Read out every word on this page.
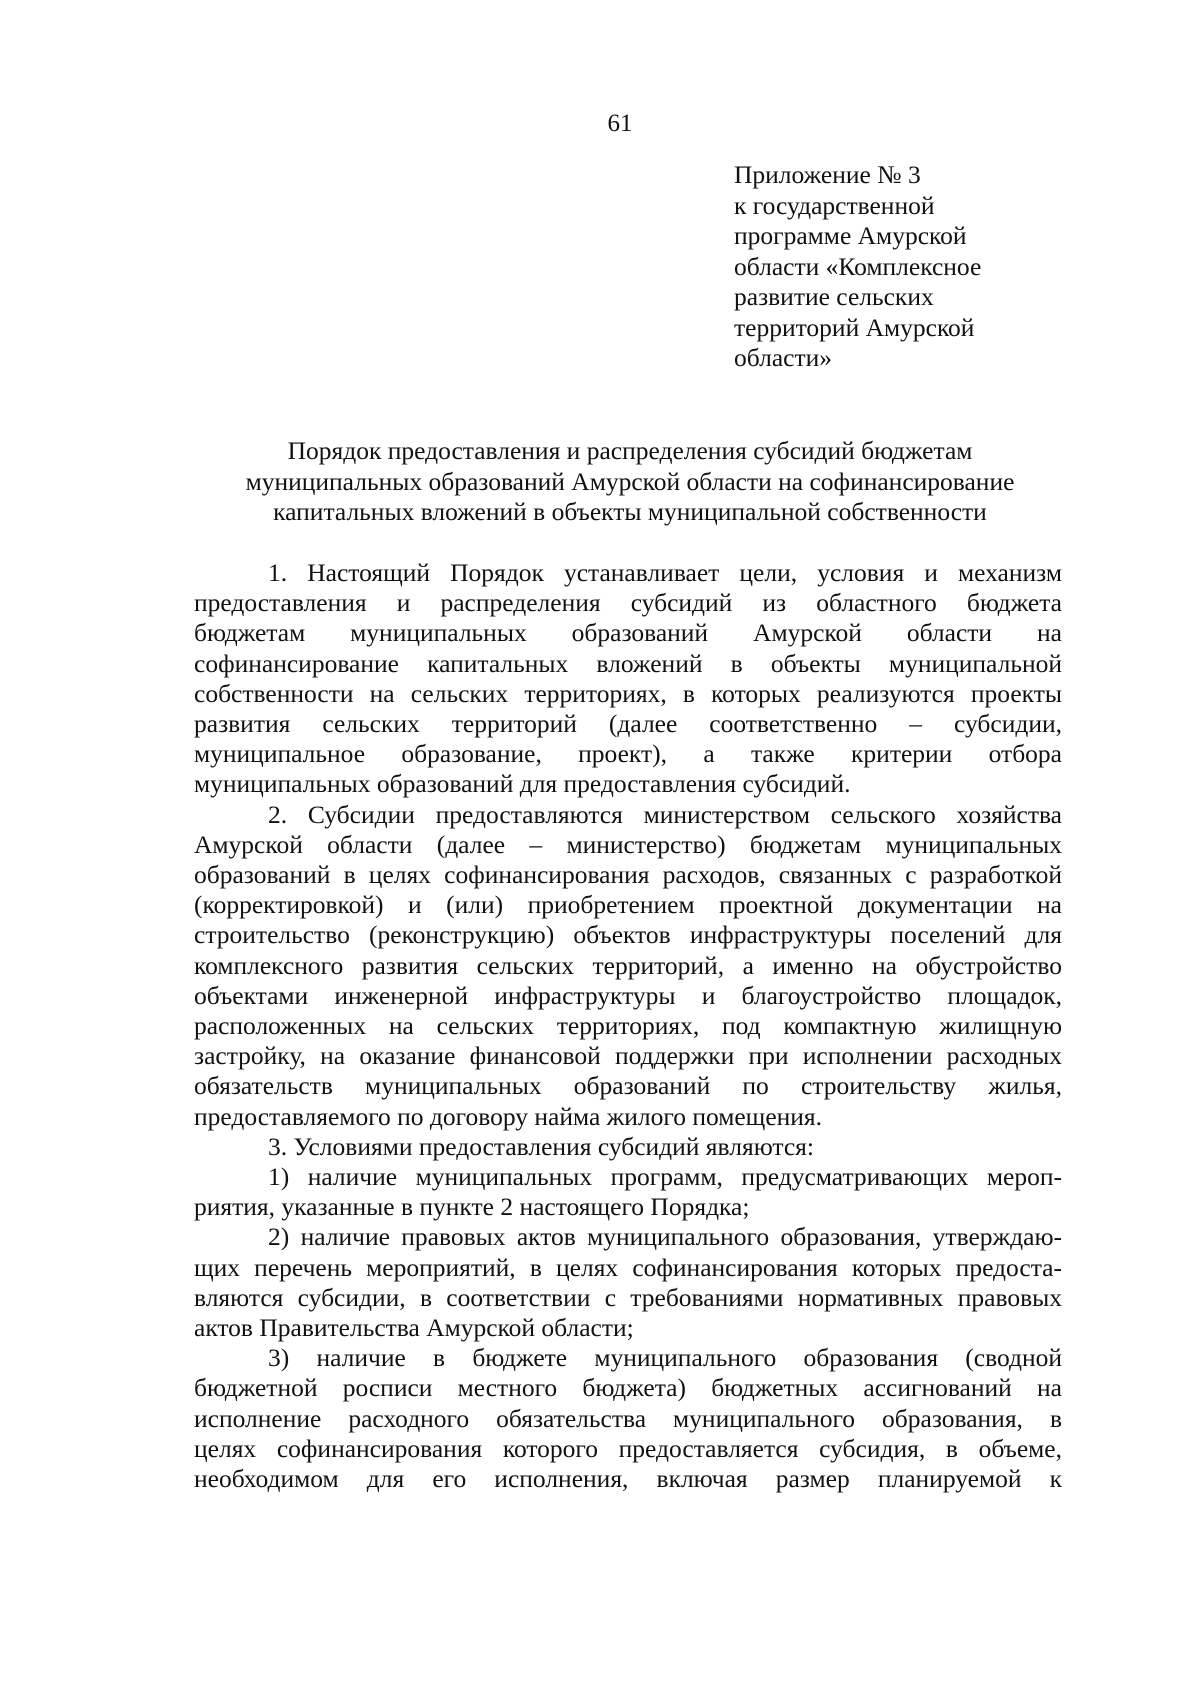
61
Приложение № 3
к государственной
программе Амурской
области «Комплексное
развитие сельских
территорий Амурской
области»
Порядок предоставления и распределения субсидий бюджетам
муниципальных образований Амурской области на софинансирование
капитальных вложений в объекты муниципальной собственности
1. Настоящий Порядок устанавливает цели, условия и механизм
предоставления и распределения субсидий из областного бюджета
бюджетам муниципальных образований Амурской области на
софинансирование капитальных вложений в объекты муниципальной
собственности на сельских территориях, в которых реализуются проекты
развития сельских территорий (далее соответственно – субсидии,
муниципальное образование, проект), а также критерии отбора
муниципальных образований для предоставления субсидий.
2. Субсидии предоставляются министерством сельского хозяйства
Амурской области (далее – министерство) бюджетам муниципальных
образований в целях софинансирования расходов, связанных с разработкой
(корректировкой) и (или) приобретением проектной документации на
строительство (реконструкцию) объектов инфраструктуры поселений для
комплексного развития сельских территорий, а именно на обустройство
объектами инженерной инфраструктуры и благоустройство площадок,
расположенных на сельских территориях, под компактную жилищную
застройку, на оказание финансовой поддержки при исполнении расходных
обязательств муниципальных образований по строительству жилья,
предоставляемого по договору найма жилого помещения.
3. Условиями предоставления субсидий являются:
1) наличие муниципальных программ, предусматривающих мероп-
риятия, указанные в пункте 2 настоящего Порядка;
2) наличие правовых актов муниципального образования, утверждаю-
щих перечень мероприятий, в целях софинансирования которых предоста-
вляются субсидии, в соответствии с требованиями нормативных правовых
актов Правительства Амурской области;
3) наличие в бюджете муниципального образования (сводной
бюджетной росписи местного бюджета) бюджетных ассигнований на
исполнение расходного обязательства муниципального образования, в
целях софинансирования которого предоставляется субсидия, в объеме,
необходимом для его исполнения, включая размер планируемой к
